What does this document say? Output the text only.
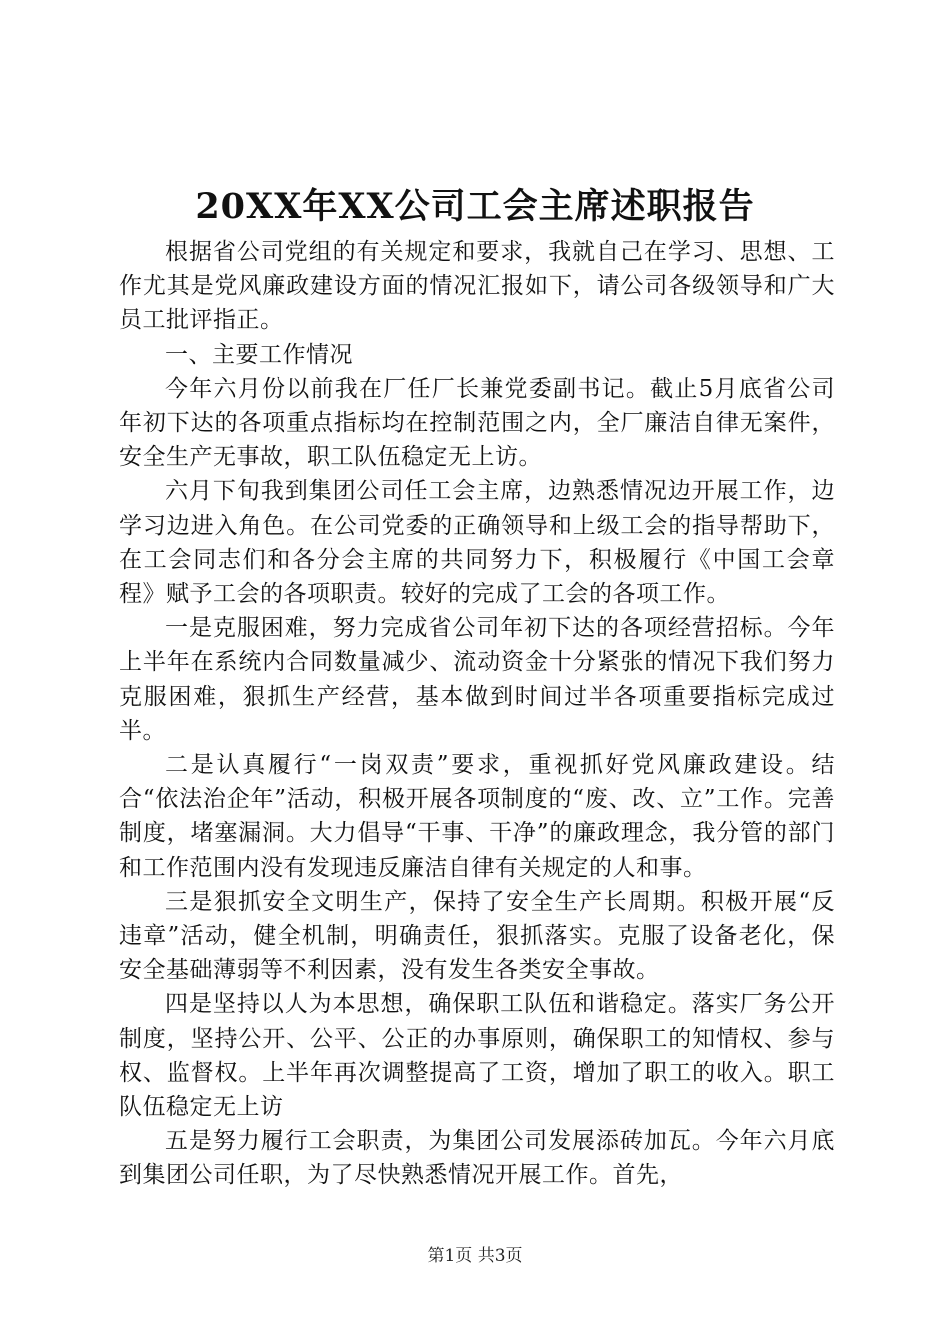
20XX年XX公司工会主席述职报告

根据省公司党组的有关规定和要求，我就自己在学习、思想、工作尤其是党风廉政建设方面的情况汇报如下，请公司各级领导和广大员工批评指正。

一、主要工作情况

今年六月份以前我在厂任厂长兼党委副书记。截止5月底省公司年初下达的各项重点指标均在控制范围之内，全厂廉洁自律无案件，安全生产无事故，职工队伍稳定无上访。

六月下旬我到集团公司任工会主席，边熟悉情况边开展工作，边学习边进入角色。在公司党委的正确领导和上级工会的指导帮助下，在工会同志们和各分会主席的共同努力下，积极履行《中国工会章程》赋予工会的各项职责。较好的完成了工会的各项工作。

一是克服困难，努力完成省公司年初下达的各项经营招标。今年上半年在系统内合同数量减少、流动资金十分紧张的情况下我们努力克服困难，狠抓生产经营，基本做到时间过半各项重要指标完成过半。

二是认真履行“一岗双责”要求，重视抓好党风廉政建设。结合“依法治企年”活动，积极开展各项制度的“废、改、立”工作。完善制度，堵塞漏洞。大力倡导“干事、干净”的廉政理念，我分管的部门和工作范围内没有发现违反廉洁自律有关规定的人和事。

三是狠抓安全文明生产，保持了安全生产长周期。积极开展“反违章”活动，健全机制，明确责任，狠抓落实。克服了设备老化，保安全基础薄弱等不利因素，没有发生各类安全事故。

四是坚持以人为本思想，确保职工队伍和谐稳定。落实厂务公开制度，坚持公开、公平、公正的办事原则，确保职工的知情权、参与权、监督权。上半年再次调整提高了工资，增加了职工的收入。职工队伍稳定无上访

五是努力履行工会职责，为集团公司发展添砖加瓦。今年六月底到集团公司任职，为了尽快熟悉情况开展工作。首先，

第1页 共3页
